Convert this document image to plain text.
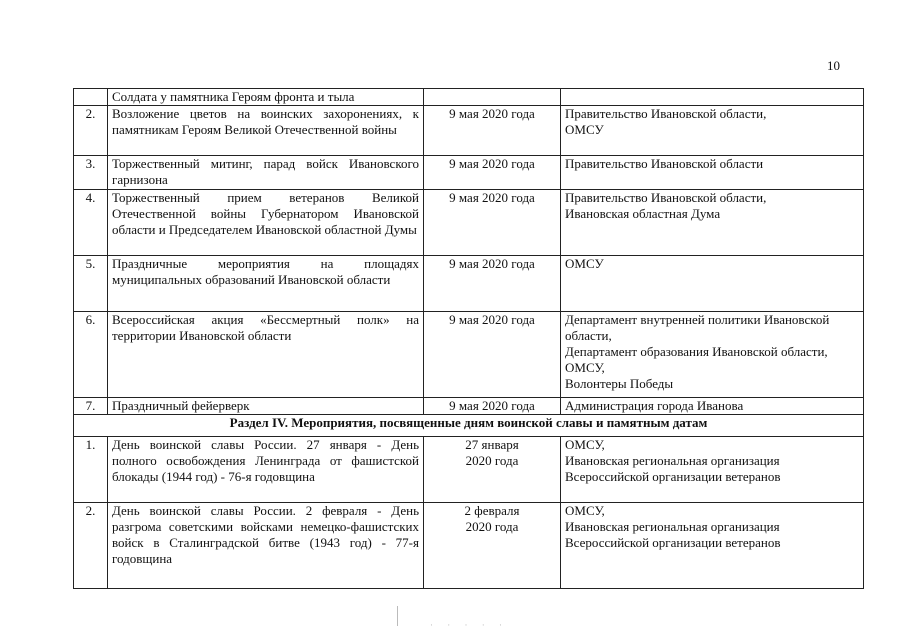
10
	Солдата у памятника Героям фронта и тыла		
2.	Возложение цветов на воинских захоронениях, к памятникам Героям Великой Отечественной войны	9 мая 2020 года	Правительство Ивановской области,
ОМСУ

3.	Торжественный митинг, парад войск Ивановского гарнизона	9 мая 2020 года	Правительство Ивановской области

4.	Торжественный прием ветеранов Великой Отечественной войны Губернатором Ивановской области и Председателем Ивановской областной Думы	9 мая 2020 года	Правительство Ивановской области,
Ивановская областная Дума

5.	Праздничные мероприятия на площадях муниципальных образований Ивановской области	9 мая 2020 года	ОМСУ

6.	Всероссийская акция «Бессмертный полк» на территории Ивановской области	9 мая 2020 года	Департамент внутренней политики Ивановской области,
Департамент образования Ивановской области,
ОМСУ,
Волонтеры Победы

7.	Праздничный фейерверк	9 мая 2020 года	Администрация города Иванова

Раздел IV. Мероприятия, посвященные дням воинской славы и памятным датам			
1.	День воинской славы России. 27 января - День полного освобождения Ленинграда от фашистской блокады (1944 год) - 76-я годовщина	27 января
2020 года	ОМСУ,
Ивановская региональная организация
Всероссийской организации ветеранов

2.	День воинской славы России. 2 февраля - День разгрома советскими войсками немецко-фашистских войск в Сталинградской битве (1943 год) - 77-я годовщина	2 февраля
2020 года	ОМСУ,
Ивановская региональная организация
Всероссийской организации ветеранов
· · · · ·
